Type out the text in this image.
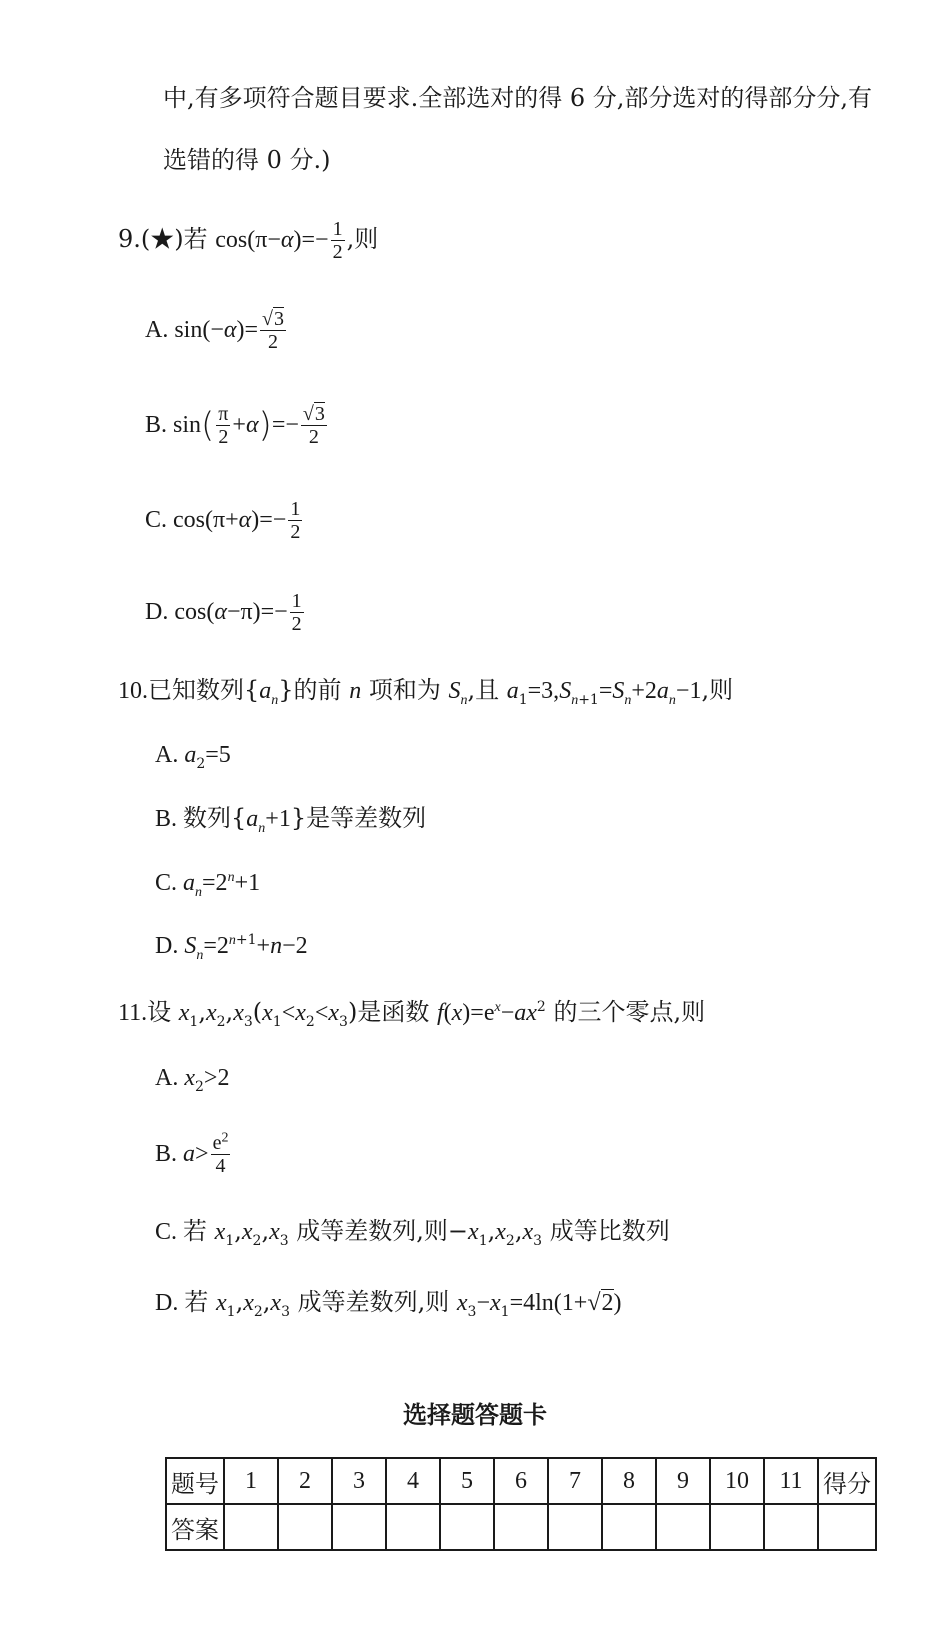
中,有多项符合题目要求.全部选对的得 6 分,部分选对的得部分分,有
选错的得 0 分.)
9.(★)若 $\cos(\pi-\alpha)=- \frac{1}{2}$ ,则
A. $\sin(-\alpha)= \frac{√3}{2}$
B. $\sin( \frac{\pi}{2} +\alpha)=- \frac{√3}{2}$
C. $\cos(\pi+\alpha)=- \frac{1}{2}$
D. $\cos(\alpha-\pi)=- \frac{1}{2}$
10.已知数列$\{a_n\}$的前 n 项和为 $S_n$,且 $a_1=3,S_{n+1}=S_n+2a_n-1$,则
A. $a_2=5$
B. 数列$\{a_n+1\}$是等差数列
C. $a_n=2^n+1$
D. $S_n=2^{n+1}+n-2$
11.设 $x_1,x_2,x_3(x_1<x_2<x_3)$是函数 $f(x)=e^x-ax^2$ 的三个零点,则
A. $x_2>2$
B. $a> \frac{e^2}{4}$
C. 若 $x_1,x_2,x_3$ 成等差数列,则$-x_1,x_2,x_3$ 成等比数列
D. 若 $x_1,x_2,x_3$ 成等差数列,则 $x_3-x_1=4\ln(1+√2)$
选择题答题卡
题号	1	2	3	4	5	6	7	8	9	10	11	得分
答案												
